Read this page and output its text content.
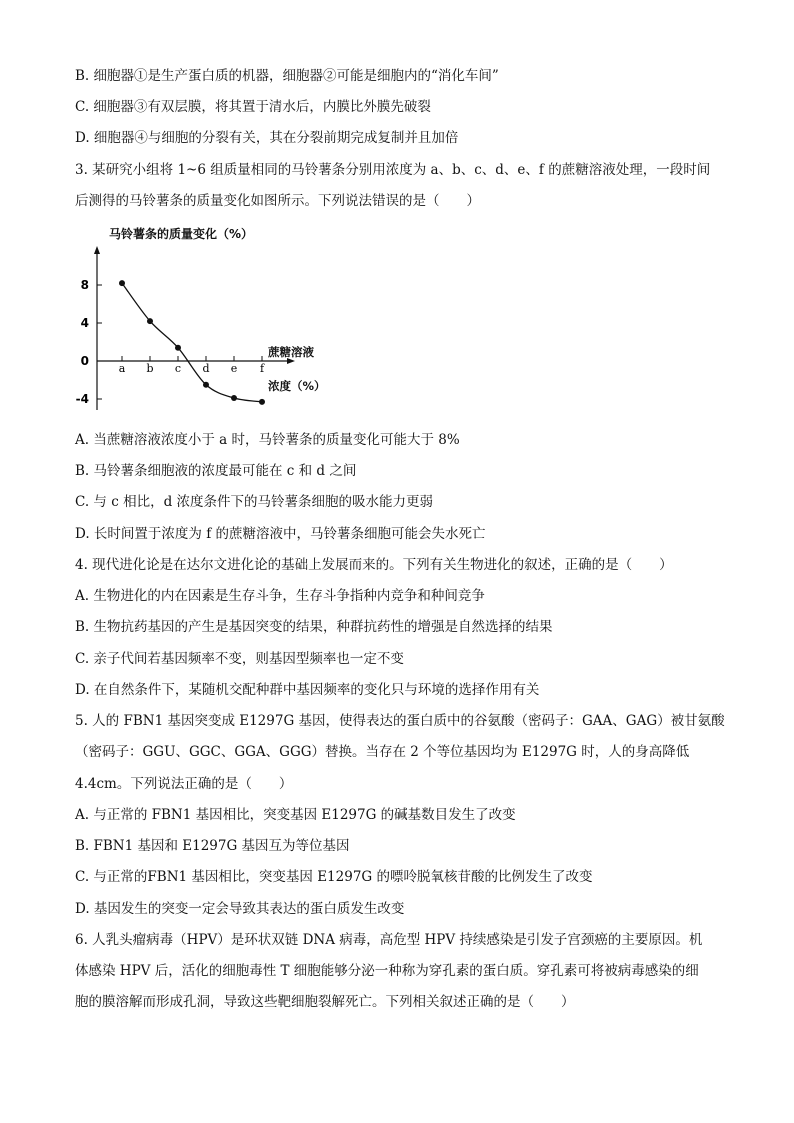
B. 细胞器①是生产蛋白质的机器，细胞器②可能是细胞内的“消化车间”
C. 细胞器③有双层膜，将其置于清水后，内膜比外膜先破裂
D. 细胞器④与细胞的分裂有关，其在分裂前期完成复制并且加倍
3. 某研究小组将 1~6 组质量相同的马铃薯条分别用浓度为 a、b、c、d、e、f 的蔗糖溶液处理，一段时间
后测得的马铃薯条的质量变化如图所示。下列说法错误的是（　　）
马铃薯条的质量变化（%）
8
4
0
-4
a b c d e f
蔗糖溶液
浓度（%）
A. 当蔗糖溶液浓度小于 a 时，马铃薯条的质量变化可能大于 8%
B. 马铃薯条细胞液的浓度最可能在 c 和 d 之间
C. 与 c 相比，d 浓度条件下的马铃薯条细胞的吸水能力更弱
D. 长时间置于浓度为 f 的蔗糖溶液中，马铃薯条细胞可能会失水死亡
4. 现代进化论是在达尔文进化论的基础上发展而来的。下列有关生物进化的叙述，正确的是（　　）
A. 生物进化的内在因素是生存斗争，生存斗争指种内竞争和种间竞争
B. 生物抗药基因的产生是基因突变的结果，种群抗药性的增强是自然选择的结果
C. 亲子代间若基因频率不变，则基因型频率也一定不变
D. 在自然条件下，某随机交配种群中基因频率的变化只与环境的选择作用有关
5. 人的 FBN1 基因突变成 E1297G 基因，使得表达的蛋白质中的谷氨酸（密码子：GAA、GAG）被甘氨酸
（密码子：GGU、GGC、GGA、GGG）替换。当存在 2 个等位基因均为 E1297G 时，人的身高降低
4.4cm。下列说法正确的是（　　）
A. 与正常的 FBN1 基因相比，突变基因 E1297G 的碱基数目发生了改变
B. FBN1 基因和 E1297G 基因互为等位基因
C. 与正常的FBN1 基因相比，突变基因 E1297G 的嘌呤脱氧核苷酸的比例发生了改变
D. 基因发生的突变一定会导致其表达的蛋白质发生改变
6. 人乳头瘤病毒（HPV）是环状双链 DNA 病毒，高危型 HPV 持续感染是引发子宫颈癌的主要原因。机
体感染 HPV 后，活化的细胞毒性 T 细胞能够分泌一种称为穿孔素的蛋白质。穿孔素可将被病毒感染的细
胞的膜溶解而形成孔洞，导致这些靶细胞裂解死亡。下列相关叙述正确的是（　　）
